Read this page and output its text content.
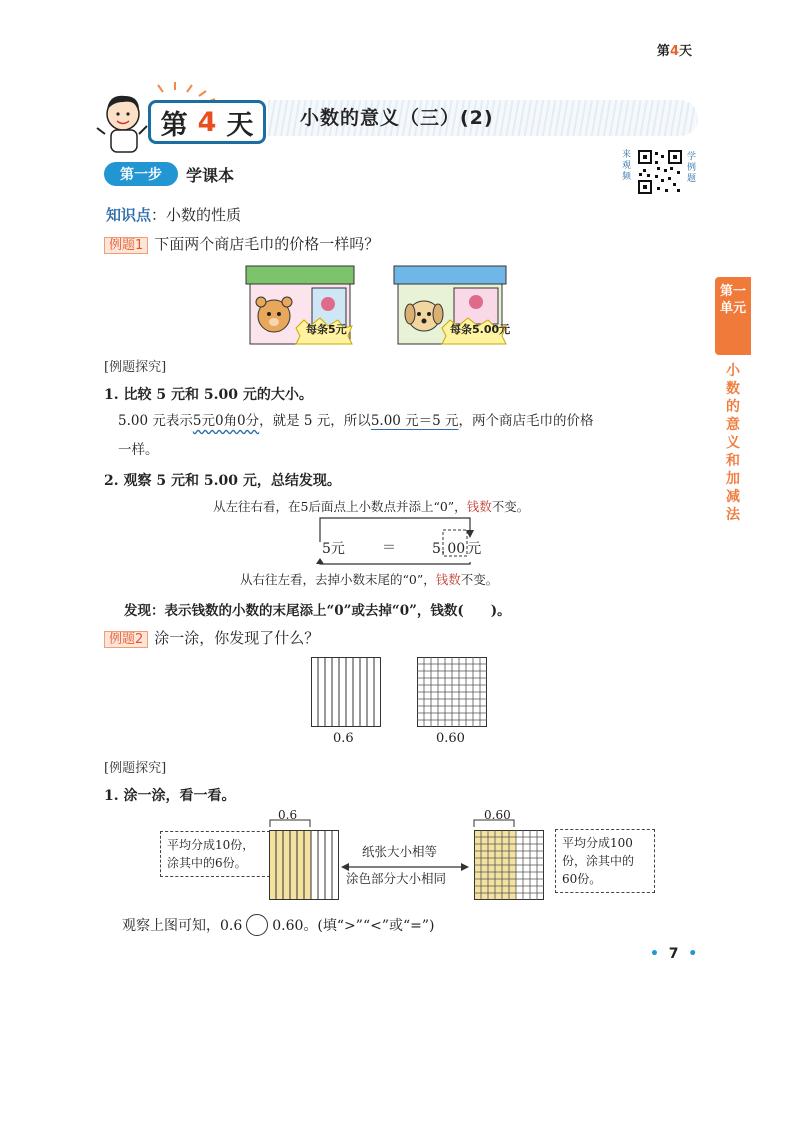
第4天
第 4 天 小数的意义（三）(2)
第一步	学课本
来观频
学例题
知识点：小数的性质
例题1 下面两个商店毛巾的价格一样吗？
每条5元	每条5.00元
第一单元
小数的意义和加减法
[例题探究]
1. 比较 5 元和 5.00 元的大小。
5.00 元表示5元0角0分，就是 5 元，所以5.00 元＝5 元，两个商店毛巾的价格
一样。
2. 观察 5 元和 5.00 元，总结发现。
从左往右看，在5后面点上小数点并添上“0”，钱数不变。
5元	＝	5. 00 元
从右往左看，去掉小数末尾的“0”，钱数不变。
发现：表示钱数的小数的末尾添上“0”或去掉“0”，钱数(　　)。
例题2 涂一涂，你发现了什么？
0.6	0.60
[例题探究]
1. 涂一涂，看一看。
0.6	0.60
平均分成10份，
涂其中的6份。
纸张大小相等
涂色部分大小相同
平均分成100
份，涂其中的
60份。
观察上图可知，0.6 0.60。(填“>”“<”或“=”)
• 7 •
